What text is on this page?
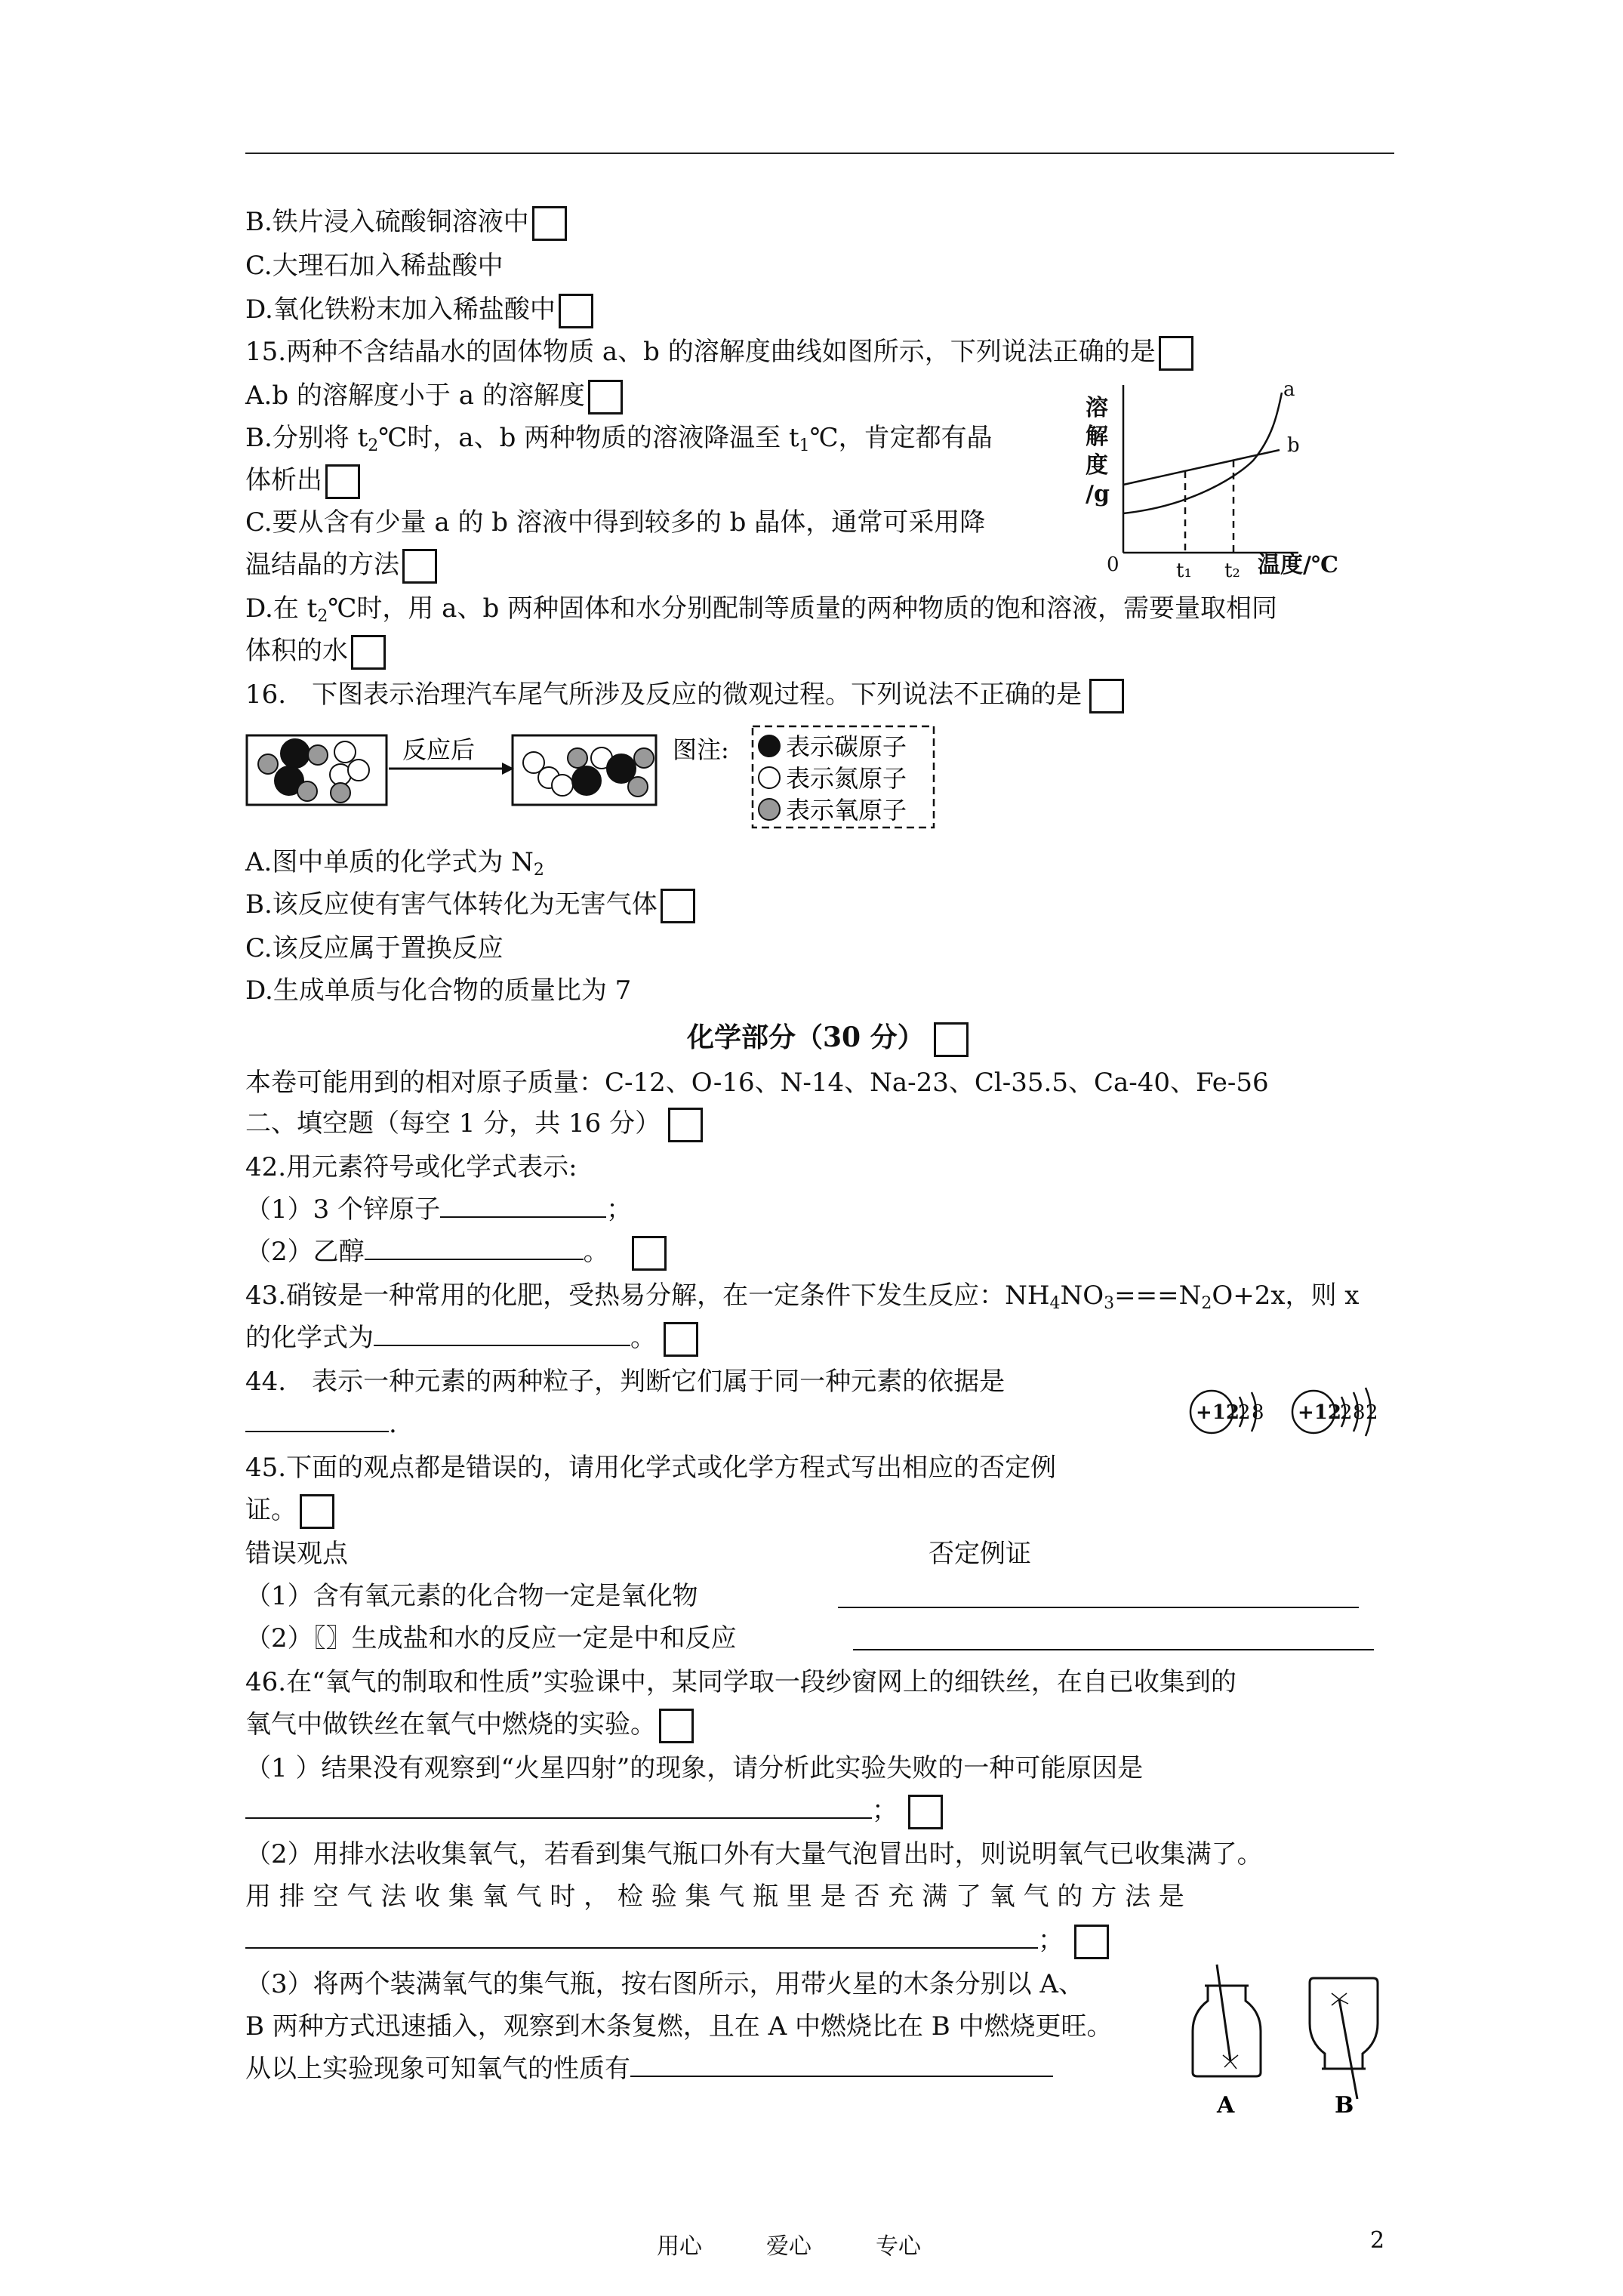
B.铁片浸入硫酸铜溶液中
C.大理石加入稀盐酸中
D.氧化铁粉末加入稀盐酸中
15.两种不含结晶水的固体物质 a、b 的溶解度曲线如图所示，下列说法正确的是
A.b 的溶解度小于 a 的溶解度
B.分别将 $t_2℃$时，a、b 两种物质的溶液降温至 $t_1℃$，肯定都有晶
体析出
C.要从含有少量 a 的 b 溶液中得到较多的 b 晶体，通常可采用降
温结晶的方法
D.在 $t_2℃$时，用 a、b 两种固体和水分别配制等质量的两种物质的饱和溶液，需要量取相同
体积的水
溶
解
度
/g
温度/℃
0	t₁ t₂
a
b
16.　下图表示治理汽车尾气所涉及反应的微观过程。下列说法不正确的是
反应后	图注: 表示碳原子
表示氮原子
表示氧原子
A.图中单质的化学式为 $N_2$
B.该反应使有害气体转化为无害气体
C.该反应属于置换反应
D.生成单质与化合物的质量比为 7
化学部分（30 分）
本卷可能用到的相对原子质量：C-12、O-16、N-14、Na-23、Cl-35.5、Ca-40、Fe-56
二、填空题（每空 1 分，共 16 分）
42.用元素符号或化学式表示:
（1）3 个锌原子	；
（2）乙醇	。
43.硝铵是一种常用的化肥，受热易分解，在一定条件下发生反应：$NH_4NO_3===N_2O+2x$，则 x
的化学式为	。
44.　表示一种元素的两种粒子，判断它们属于同一种元素的依据是
.	+12
2 8 +12
2 8 2
45.下面的观点都是错误的，请用化学式或化学方程式写出相应的否定例
证。
错误观点	否定例证
（1）含有氧元素的化合物一定是氧化物
（2）〖〗生成盐和水的反应一定是中和反应
46.在“氧气的制取和性质”实验课中，某同学取一段纱窗网上的细铁丝，在自已收集到的
氧气中做铁丝在氧气中燃烧的实验。
（1 ）结果没有观察到“火星四射”的现象，请分析此实验失败的一种可能原因是
；
（2）用排水法收集氧气，若看到集气瓶口外有大量气泡冒出时，则说明氧气已收集满了。
用 排 空 气 法 收 集 氧 气 时 ， 检 验 集 气 瓶 里 是 否 充 满 了 氧 气 的 方 法 是
；
（3）将两个装满氧气的集气瓶，按右图所示，用带火星的木条分别以 A、
B 两种方式迅速插入，观察到木条复燃，且在 A 中燃烧比在 B 中燃烧更旺。
从以上实验现象可知氧气的性质有
A	B
用心	爱心	专心	2
